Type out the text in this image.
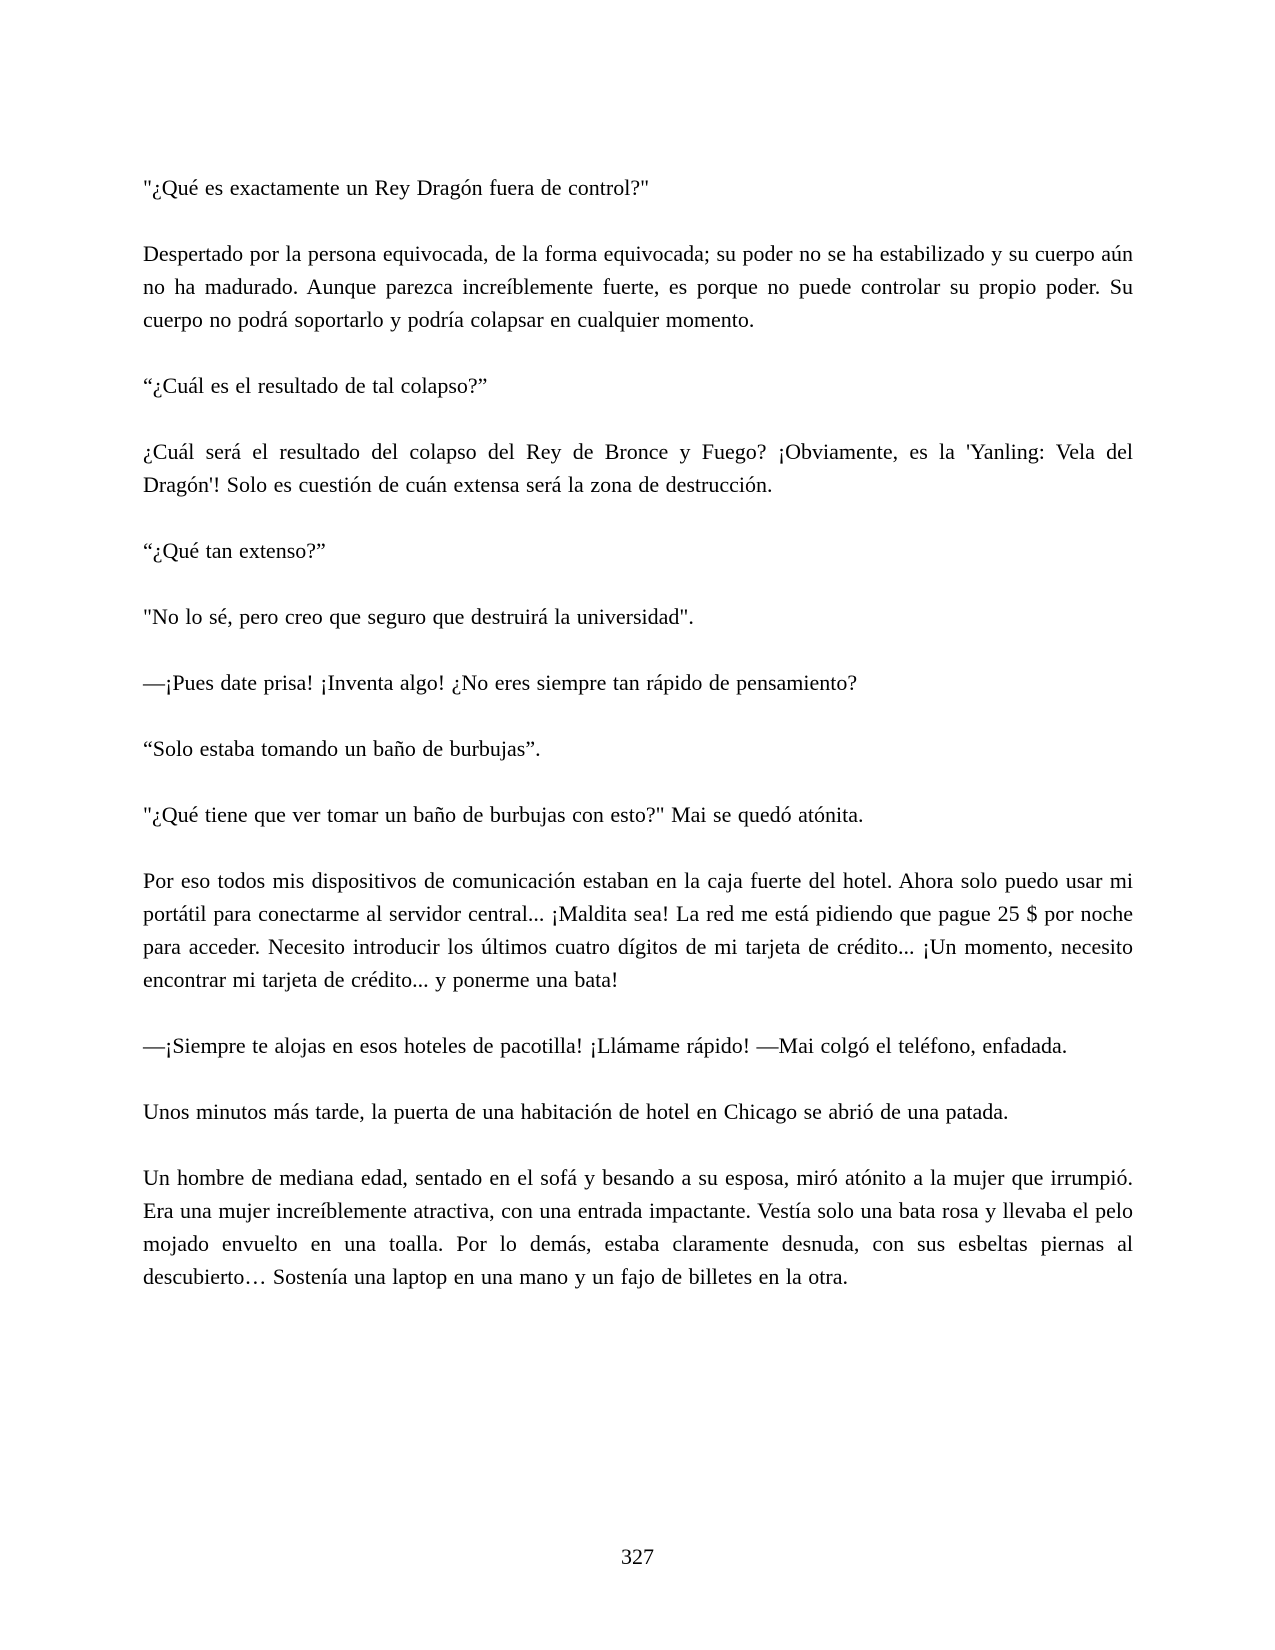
"¿Qué es exactamente un Rey Dragón fuera de control?"

Despertado por la persona equivocada, de la forma equivocada; su poder no se ha estabilizado y su cuerpo aún no ha madurado. Aunque parezca increíblemente fuerte, es porque no puede controlar su propio poder. Su cuerpo no podrá soportarlo y podría colapsar en cualquier momento.

“¿Cuál es el resultado de tal colapso?”

¿Cuál será el resultado del colapso del Rey de Bronce y Fuego? ¡Obviamente, es la 'Yanling: Vela del Dragón'! Solo es cuestión de cuán extensa será la zona de destrucción.

“¿Qué tan extenso?”

"No lo sé, pero creo que seguro que destruirá la universidad".

—¡Pues date prisa! ¡Inventa algo! ¿No eres siempre tan rápido de pensamiento?

“Solo estaba tomando un baño de burbujas”.

"¿Qué tiene que ver tomar un baño de burbujas con esto?" Mai se quedó atónita.

Por eso todos mis dispositivos de comunicación estaban en la caja fuerte del hotel. Ahora solo puedo usar mi portátil para conectarme al servidor central... ¡Maldita sea! La red me está pidiendo que pague 25 $ por noche para acceder. Necesito introducir los últimos cuatro dígitos de mi tarjeta de crédito... ¡Un momento, necesito encontrar mi tarjeta de crédito... y ponerme una bata!

—¡Siempre te alojas en esos hoteles de pacotilla! ¡Llámame rápido! —Mai colgó el teléfono, enfadada.

Unos minutos más tarde, la puerta de una habitación de hotel en Chicago se abrió de una patada.

Un hombre de mediana edad, sentado en el sofá y besando a su esposa, miró atónito a la mujer que irrumpió. Era una mujer increíblemente atractiva, con una entrada impactante. Vestía solo una bata rosa y llevaba el pelo mojado envuelto en una toalla. Por lo demás, estaba claramente desnuda, con sus esbeltas piernas al descubierto… Sostenía una laptop en una mano y un fajo de billetes en la otra.

327
